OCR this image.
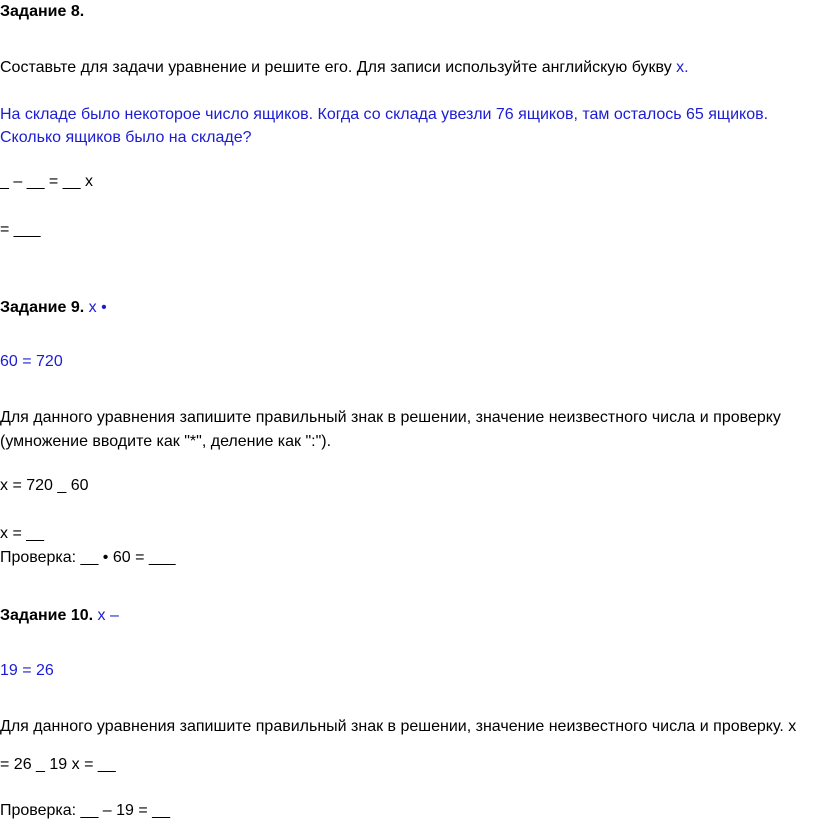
Задание 8.
Составьте для задачи уравнение и решите его. Для записи используйте английскую букву x.
На складе было некоторое число ящиков. Когда со склада увезли 76 ящиков, там осталось 65 ящиков.
Сколько ящиков было на складе?
_ – __ = __ x
= ___
Задание 9. x •
60 = 720
Для данного уравнения запишите правильный знак в решении, значение неизвестного числа и проверку
(умножение вводите как "*", деление как ":").
x = 720 _ 60
x = __
Проверка: __ • 60 = ___
Задание 10. x –
19 = 26
Для данного уравнения запишите правильный знак в решении, значение неизвестного числа и проверку. x
= 26 _ 19 x = __
Проверка: __ – 19 = __
